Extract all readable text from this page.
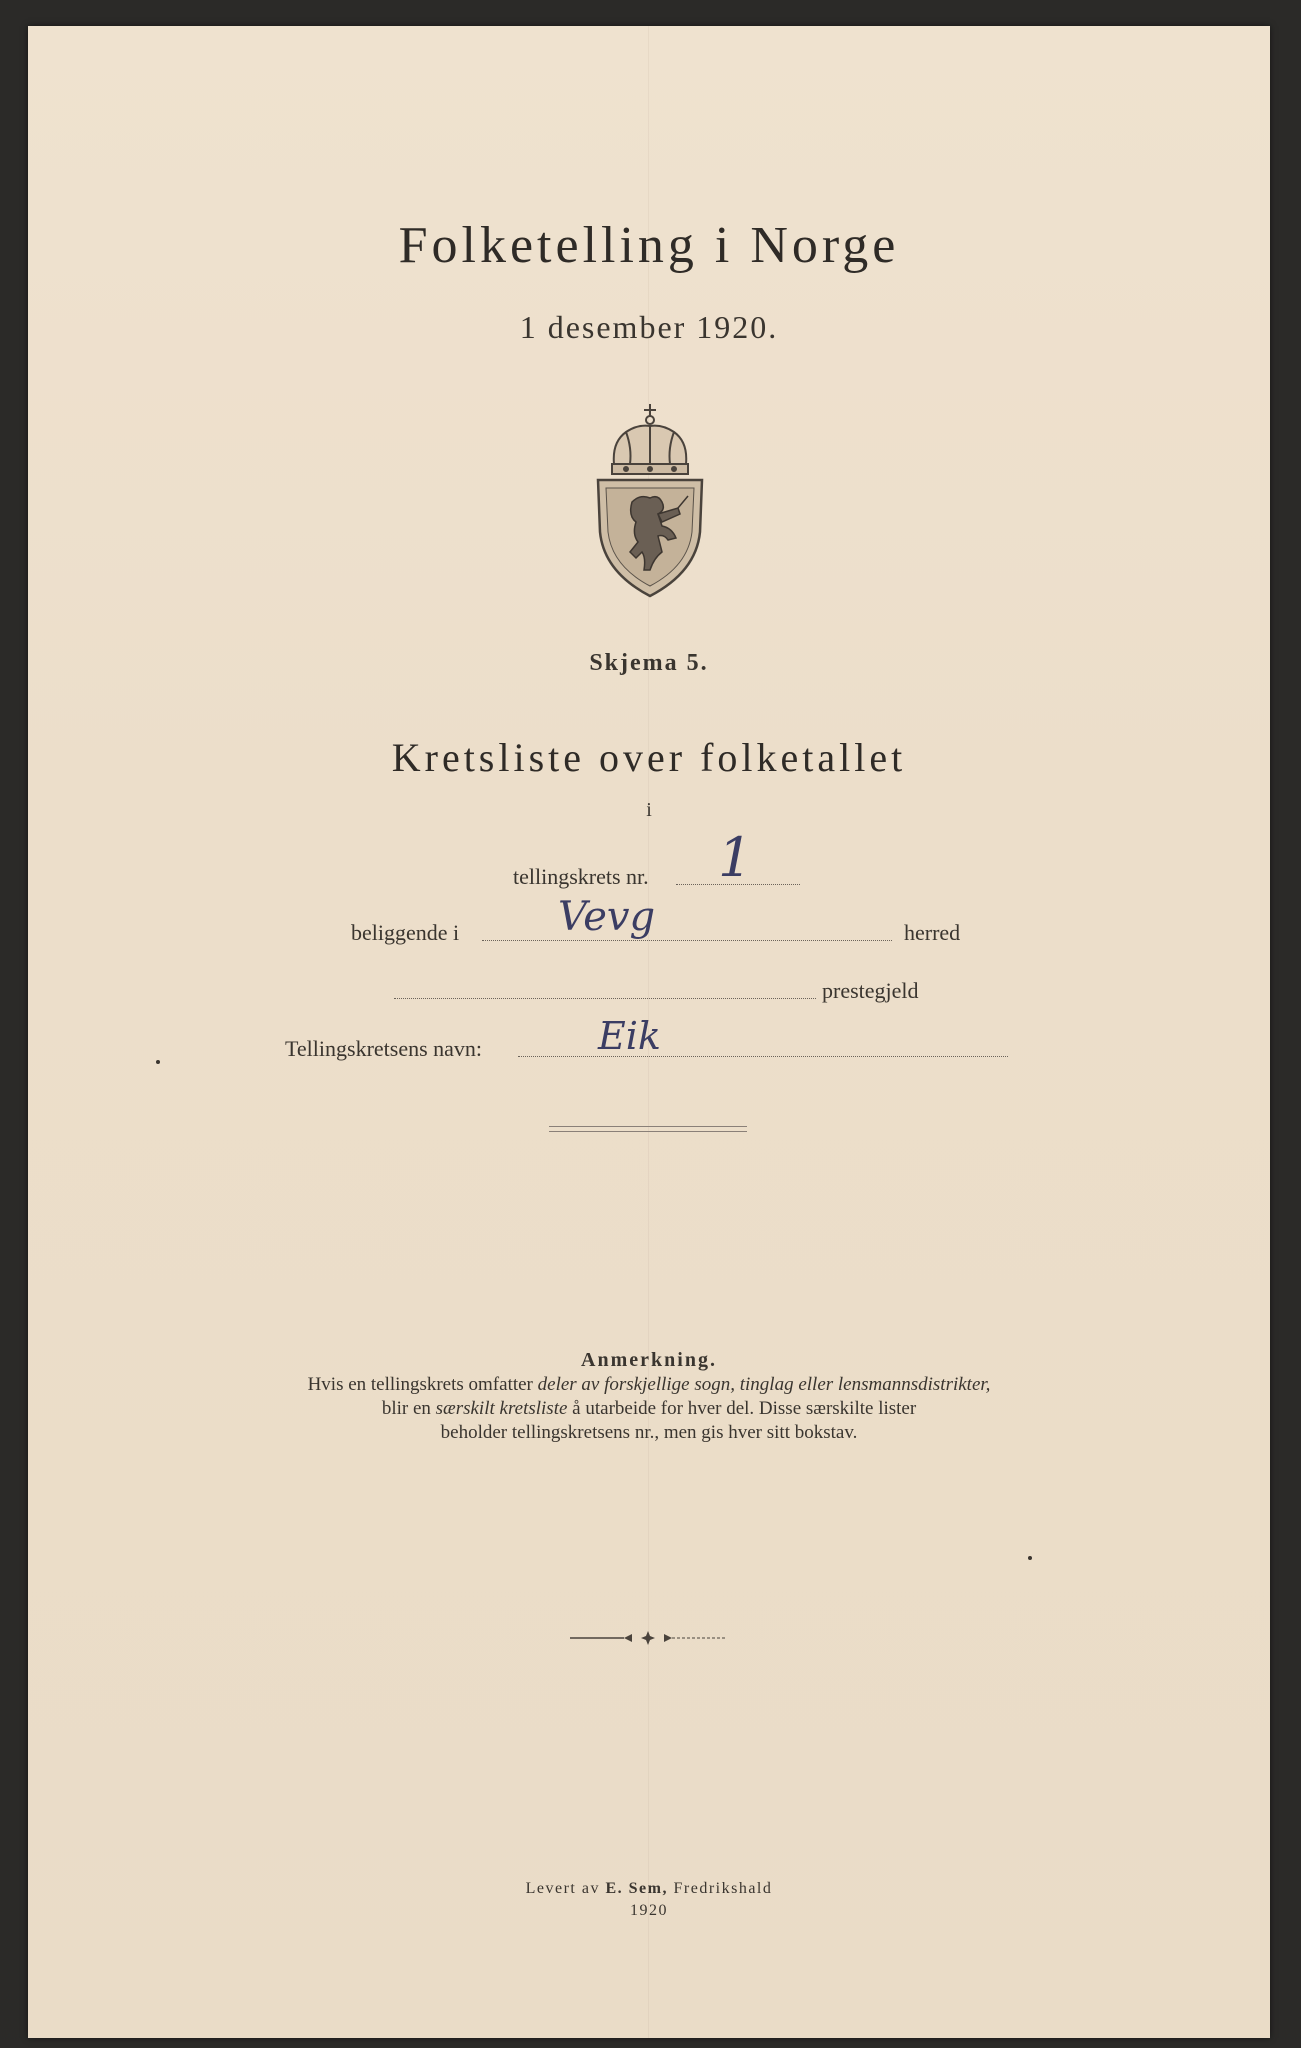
Folketelling i Norge
1 desember 1920.
Skjema 5.
Kretsliste over folketallet
i
tellingskrets nr. 1
beliggende i Vevg	herred
prestegjeld
Tellingskretsens navn:	Eik
Anmerkning.
Hvis en tellingskrets omfatter deler av forskjellige sogn, tinglag eller lensmannsdistrikter,
blir en særskilt kretsliste å utarbeide for hver del. Disse særskilte lister
beholder tellingskretsens nr., men gis hver sitt bokstav.
Levert av E. Sem, Fredrikshald
1920
